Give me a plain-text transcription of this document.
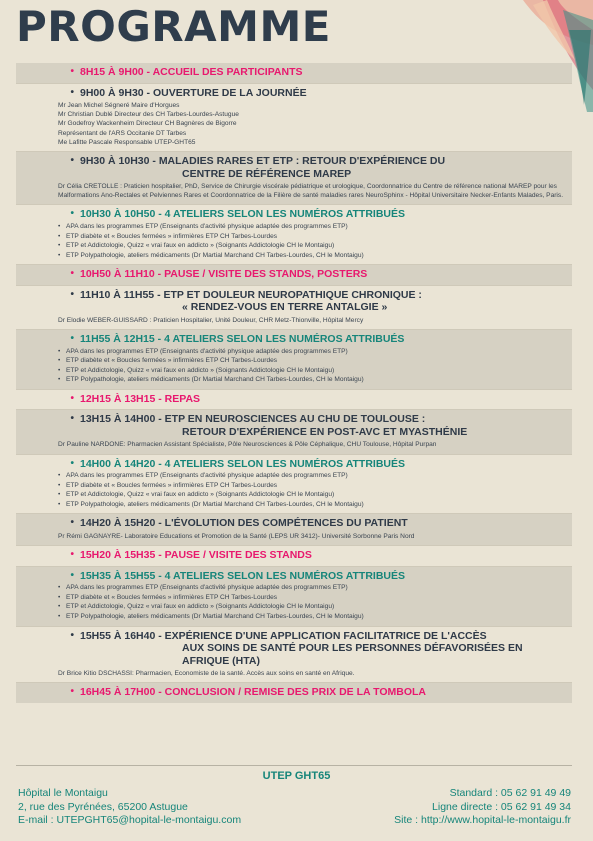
PROGRAMME
• 8H15 À 9H00 - ACCUEIL DES PARTICIPANTS
• 9H00 À 9H30 - OUVERTURE DE LA JOURNÉE
Mr Jean Michel Ségneré Maire d'Horgues
Mr Christian Dublé Directeur des CH Tarbes-Lourdes-Astugue
Mr Godefroy Wackenheim Directeur CH Bagnères de Bigorre
Représentant de l'ARS Occitanie DT Tarbes
Me Lafitte Pascale Responsable UTEP-GHT65
• 9H30 À 10H30 - MALADIES RARES ET ETP : RETOUR D'EXPÉRIENCE DU
CENTRE DE RÉFÉRENCE MAREP
Dr Célia CRETOLLE : Praticien hospitalier, PhD, Service de Chirurgie viscérale pédiatrique et urologique, Coordonnatrice du Centre de référence national MAREP pour les Malformations Ano-Rectales et Pelviennes Rares et Coordonnatrice de la Filière de santé maladies rares NeuroSphinx - Hôpital Universitaire Necker-Enfants Malades, Paris.
• 10H30 À 10H50 - 4 ATELIERS SELON LES NUMÉROS ATTRIBUÉS
• APA dans les programmes ETP (Enseignants d'activité physique adaptée des programmes ETP)
• ETP diabète et « Boucles fermées » infirmières ETP CH Tarbes-Lourdes
• ETP et Addictologie, Quizz « vrai faux en addicto » (Soignants Addictologie CH le Montaigu)
• ETP Polypathologie, ateliers médicaments (Dr Martial Marchand CH Tarbes-Lourdes, CH le Montaigu)
• 10H50 À 11H10 - PAUSE / VISITE DES STANDS, POSTERS
• 11H10 À 11H55 - ETP ET DOULEUR NEUROPATHIQUE CHRONIQUE :
« RENDEZ-VOUS EN TERRE ANTALGIE »
Dr Elodie WEBER-GUISSARD : Praticien Hospitalier, Unité Douleur, CHR Metz-Thionville, Hôpital Mercy
• 11H55 À 12H15 - 4 ATELIERS SELON LES NUMÉROS ATTRIBUÉS
• APA dans les programmes ETP (Enseignants d'activité physique adaptée des programmes ETP)
• ETP diabète et « Boucles fermées » infirmières ETP CH Tarbes-Lourdes
• ETP et Addictologie, Quizz « vrai faux en addicto » (Soignants Addictologie CH le Montaigu)
• ETP Polypathologie, ateliers médicaments (Dr Martial Marchand CH Tarbes-Lourdes, CH le Montaigu)
• 12H15 À 13H15 - REPAS
• 13H15 À 14H00 - ETP EN NEUROSCIENCES AU CHU DE TOULOUSE :
RETOUR D'EXPÉRIENCE EN POST-AVC ET MYASTHÉNIE
Dr Pauline NARDONE: Pharmacien Assistant Spécialiste, Pôle Neurosciences & Pôle Céphalique, CHU Toulouse, Hôpital Purpan
• 14H00 À 14H20 - 4 ATELIERS SELON LES NUMÉROS ATTRIBUÉS
• APA dans les programmes ETP (Enseignants d'activité physique adaptée des programmes ETP)
• ETP diabète et « Boucles fermées » infirmières ETP CH Tarbes-Lourdes
• ETP et Addictologie, Quizz « vrai faux en addicto » (Soignants Addictologie CH le Montaigu)
• ETP Polypathologie, ateliers médicaments (Dr Martial Marchand CH Tarbes-Lourdes, CH le Montaigu)
• 14H20 À 15H20 - L'ÉVOLUTION DES COMPÉTENCES DU PATIENT
Pr Rémi GAGNAYRE- Laboratoire Educations et Promotion de la Santé (LEPS UR 3412)- Université Sorbonne Paris Nord
• 15H20 À 15H35 - PAUSE / VISITE DES STANDS
• 15H35 À 15H55 - 4 ATELIERS SELON LES NUMÉROS ATTRIBUÉS
• APA dans les programmes ETP (Enseignants d'activité physique adaptée des programmes ETP)
• ETP diabète et « Boucles fermées » infirmières ETP CH Tarbes-Lourdes
• ETP et Addictologie, Quizz « vrai faux en addicto » (Soignants Addictologie CH le Montaigu)
• ETP Polypathologie, ateliers médicaments (Dr Martial Marchand CH Tarbes-Lourdes, CH le Montaigu)
• 15H55 À 16H40 - EXPÉRIENCE D'UNE APPLICATION FACILITATRICE DE L'ACCÈS
AUX SOINS DE SANTÉ POUR LES PERSONNES DÉFAVORISÉES EN AFRIQUE (HTA)
Dr Brice Kitio DSCHASSI: Pharmacien, Economiste de la santé. Accès aux soins en santé en Afrique.
• 16H45 À 17H00 - CONCLUSION / REMISE DES PRIX DE LA TOMBOLA
UTEP GHT65
Hôpital le Montaigu
2, rue des Pyrénées, 65200 Astugue
E-mail : UTEPGHT65@hopital-le-montaigu.com
Standard : 05 62 91 49 49
Ligne directe : 05 62 91 49 34
Site : http://www.hopital-le-montaigu.fr
